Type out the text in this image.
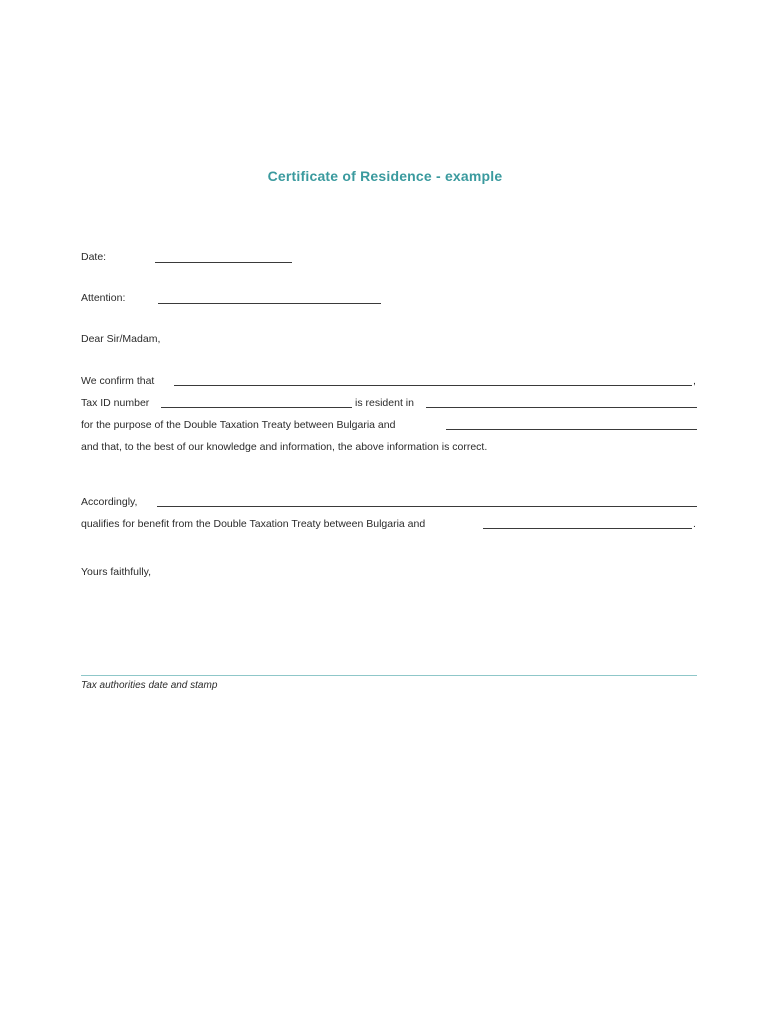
Certificate of Residence - example
Date:
Attention:
Dear Sir/Madam,
We confirm that	,
Tax ID number	is resident in
for the purpose of the Double Taxation Treaty between Bulgaria and
and that, to the best of our knowledge and information, the above information is correct.
Accordingly,
qualifies for benefit from the Double Taxation Treaty between Bulgaria and	.
Yours faithfully,
Tax authorities date and stamp
